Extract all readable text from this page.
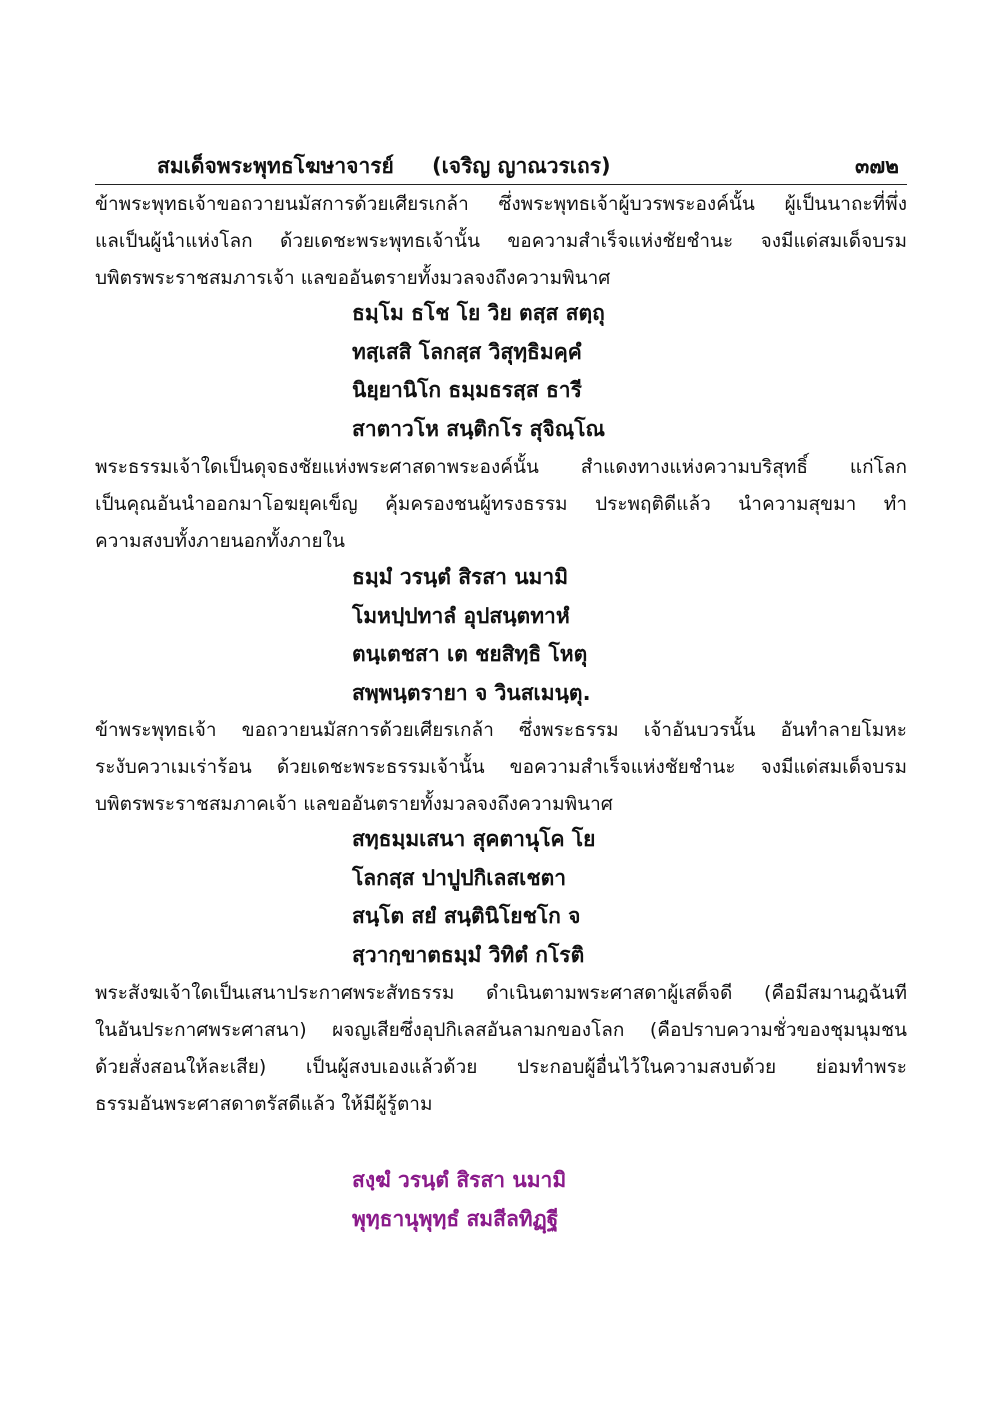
สมเด็จพระพุทธโฆษาจารย์ (เจริญ ญาณวรเถร)	๓๗๒
ข้าพระพุทธเจ้าขอถวายนมัสการด้วยเศียรเกล้า ซึ่งพระพุทธเจ้าผู้บวรพระองค์นั้น ผู้เป็นนาถะที่พึ่ง
แลเป็นผู้นำแห่งโลก ด้วยเดชะพระพุทธเจ้านั้น ขอความสำเร็จแห่งชัยชำนะ จงมีแด่สมเด็จบรม
บพิตรพระราชสมภารเจ้า แลขออันตรายทั้งมวลจงถึงความพินาศ
ธมฺโม ธโช โย วิย ตสฺส สตฺถุ
ทสฺเสสิ โลกสฺส วิสุทฺธิมคฺคํ
นิยฺยานิโก ธมฺมธรสฺส ธารี
สาตาวโห สนฺติกโร สุจิณฺโณ
พระธรรมเจ้าใดเป็นดุจธงชัยแห่งพระศาสดาพระองค์นั้น สำแดงทางแห่งความบริสุทธิ์ แก่โลก
เป็นคุณอันนำออกมาโอฆยุคเข็ญ คุ้มครองชนผู้ทรงธรรม ประพฤติดีแล้ว นำความสุขมา ทำ
ความสงบทั้งภายนอกทั้งภายใน
ธมฺมํ วรนฺตํ สิรสา นมามิ
โมหปฺปทาลํ อุปสนฺตทาหํ
ตนฺเตชสา เต ชยสิทฺธิ โหตุ
สพฺพนฺตรายา จ วินสเมนฺตุ.
ข้าพระพุทธเจ้า ขอถวายนมัสการด้วยเศียรเกล้า ซึ่งพระธรรม เจ้าอันบวรนั้น อันทำลายโมหะ
ระงับควาเมเร่าร้อน ด้วยเดชะพระธรรมเจ้านั้น ขอความสำเร็จแห่งชัยชำนะ จงมีแด่สมเด็จบรม
บพิตรพระราชสมภาคเจ้า แลขออันตรายทั้งมวลจงถึงความพินาศ
สทฺธมฺมเสนา สุคตานุโค โย
โลกสฺส ปาปูปกิเลสเชตา
สนฺโต สยํ สนฺตินิโยชโก จ
สฺวากฺขาตธมฺมํ วิทิตํ กโรติ
พระสังฆเจ้าใดเป็นเสนาประกาศพระสัทธรรม ดำเนินตามพระศาสดาผู้เสด็จดี (คือมีสมานฎฉันที
ในอันประกาศพระศาสนา) ผจญเสียซึ่งอุปกิเลสอันลามกของโลก (คือปราบความชั่วของชุมนุมชน
ด้วยสั่งสอนให้ละเสีย) เป็นผู้สงบเองแล้วด้วย ประกอบผู้อื่นไว้ในความสงบด้วย ย่อมทำพระ
ธรรมอันพระศาสดาตรัสดีแล้ว ให้มีผู้รู้ตาม
สงฺฆํ วรนฺตํ สิรสา นมามิ
พุทฺธานุพุทฺธํ สมสีลทิฏฺฐี
